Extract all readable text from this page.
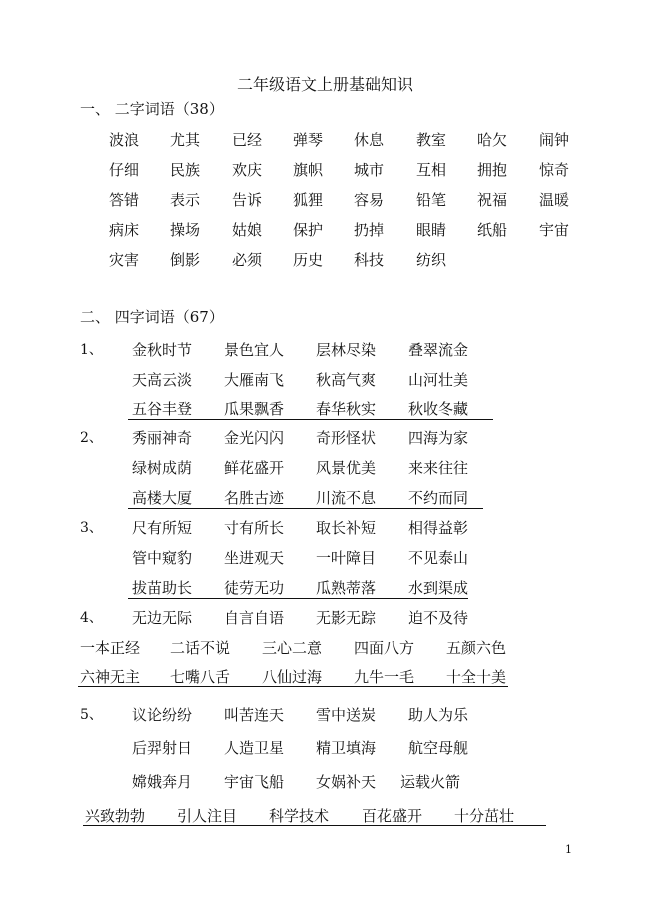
二年级语文上册基础知识
一、 二字词语（38）
二、 四字词语（67）
1
波浪 尤其 已经 弹琴 休息 教室 哈欠 闹钟
仔细 民族 欢庆 旗帜 城市 互相 拥抱 惊奇
答错 表示 告诉 狐狸 容易 铅笔 祝福 温暖
病床 操场 姑娘 保护 扔掉 眼睛 纸船 宇宙
灾害 倒影 必须 历史 科技 纺织
1、 金秋时节 景色宜人 层林尽染 叠翠流金
天高云淡 大雁南飞 秋高气爽 山河壮美
五谷丰登 瓜果飘香 春华秋实 秋收冬藏
2、 秀丽神奇 金光闪闪 奇形怪状 四海为家
绿树成荫 鲜花盛开 风景优美 来来往往
高楼大厦 名胜古迹 川流不息 不约而同
3、 尺有所短 寸有所长 取长补短 相得益彰
管中窥豹 坐进观天 一叶障目 不见泰山
拔苗助长 徒劳无功 瓜熟蒂落 水到渠成
4、 无边无际 自言自语 无影无踪 迫不及待
一本正经 二话不说 三心二意 四面八方 五颜六色
六神无主 七嘴八舌 八仙过海 九牛一毛 十全十美
5、 议论纷纷 叫苦连天 雪中送炭 助人为乐
后羿射日 人造卫星 精卫填海 航空母舰
嫦娥奔月 宇宙飞船 女娲补天 运载火箭
兴致勃勃 引人注目 科学技术 百花盛开 十分茁壮
